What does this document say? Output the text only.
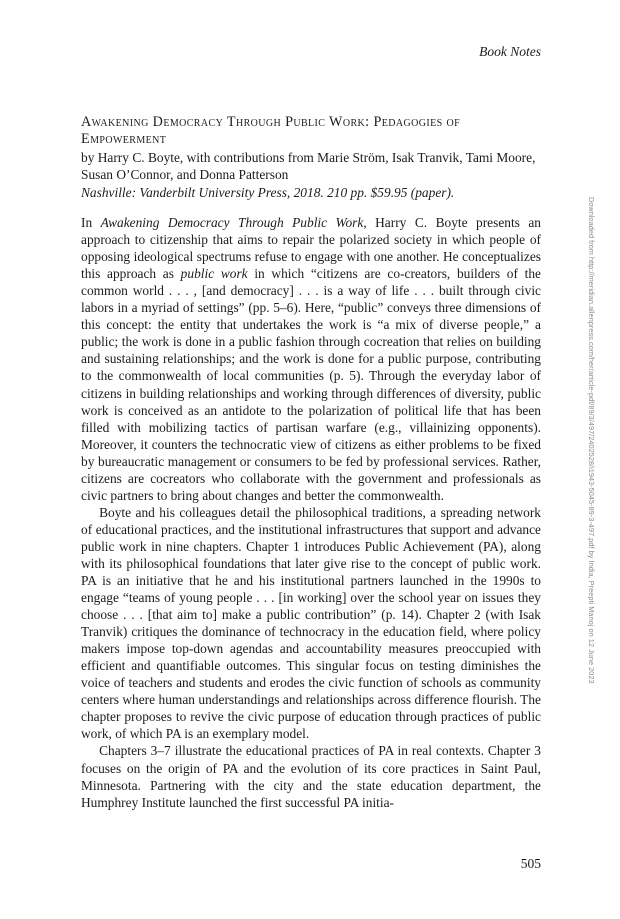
Book Notes
Awakening Democracy Through Public Work: Pedagogies of Empowerment
by Harry C. Boyte, with contributions from Marie Ström, Isak Tranvik, Tami Moore, Susan O’Connor, and Donna Patterson
Nashville: Vanderbilt University Press, 2018. 210 pp. $59.95 (paper).

In Awakening Democracy Through Public Work, Harry C. Boyte presents an approach to citizenship that aims to repair the polarized society in which people of opposing ideological spectrums refuse to engage with one another. He conceptualizes this approach as public work in which “citizens are co-creators, builders of the common world . . . , [and democracy] . . . is a way of life . . . built through civic labors in a myriad of settings” (pp. 5–6). Here, “public” conveys three dimensions of this concept: the entity that undertakes the work is “a mix of diverse people,” a public; the work is done in a public fashion through cocreation that relies on building and sustaining relationships; and the work is done for a public purpose, contributing to the commonwealth of local communities (p. 5). Through the everyday labor of citizens in building relationships and working through differences of diversity, public work is conceived as an antidote to the polarization of political life that has been filled with mobilizing tactics of partisan warfare (e.g., villainizing opponents). Moreover, it counters the technocratic view of citizens as either problems to be fixed by bureaucratic management or consumers to be fed by professional services. Rather, citizens are cocreators who collaborate with the government and professionals as civic partners to bring about changes and better the commonwealth.

Boyte and his colleagues detail the philosophical traditions, a spreading network of educational practices, and the institutional infrastructures that support and advance public work in nine chapters. Chapter 1 introduces Public Achievement (PA), along with its philosophical foundations that later give rise to the concept of public work. PA is an initiative that he and his institutional partners launched in the 1990s to engage “teams of young people . . . [in working] over the school year on issues they choose . . . [that aim to] make a public contribution” (p. 14). Chapter 2 (with Isak Tranvik) critiques the dominance of technocracy in the education field, where policy makers impose top-down agendas and accountability measures preoccupied with efficient and quantifiable outcomes. This singular focus on testing diminishes the voice of teachers and students and erodes the civic function of schools as community centers where human understandings and relationships across difference flourish. The chapter proposes to revive the civic purpose of education through practices of public work, of which PA is an exemplary model.

Chapters 3–7 illustrate the educational practices of PA in real contexts. Chapter 3 focuses on the origin of PA and the evolution of its core practices in Saint Paul, Minnesota. Partnering with the city and the state education department, the Humphrey Institute launched the first successful PA initia-

Downloaded from http://meridian.allenpress.com/her/article-pdf/89/3/497/2402528/i1943-5045-89-3-497.pdf by India, Preepti Manoj on 12 June 2023
505
